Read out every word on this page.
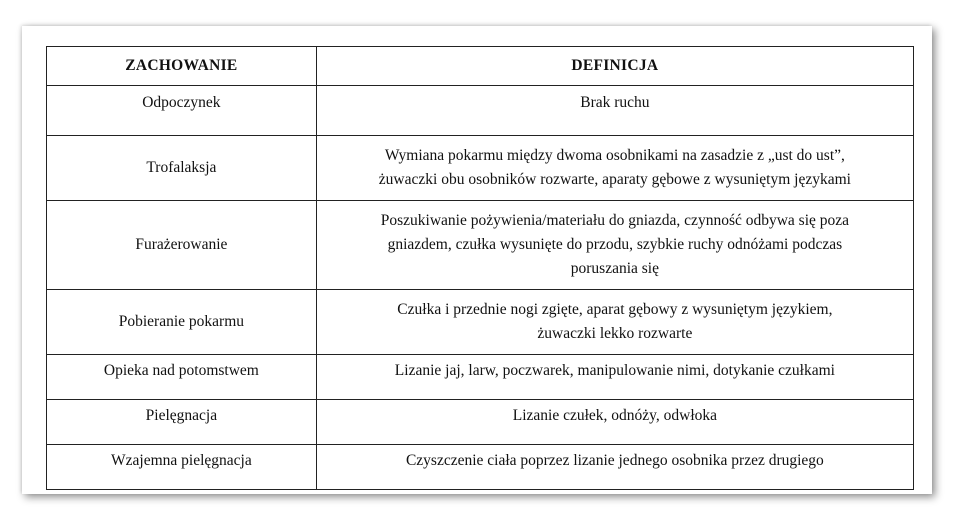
ZACHOWANIE	DEFINICJA
Odpoczynek	Brak ruchu

Trofalaksja	Wymiana pokarmu między dwoma osobnikami na zasadzie z „ust do ust”,
żuwaczki obu osobników rozwarte, aparaty gębowe z wysuniętym językami

Furażerowanie	Poszukiwanie pożywienia/materiału do gniazda, czynność odbywa się poza
gniazdem, czułka wysunięte do przodu, szybkie ruchy odnóżami podczas
poruszania się

Pobieranie pokarmu	Czułka i przednie nogi zgięte, aparat gębowy z wysuniętym językiem,
żuwaczki lekko rozwarte

Opieka nad potomstwem	Lizanie jaj, larw, poczwarek, manipulowanie nimi, dotykanie czułkami

Pielęgnacja	Lizanie czułek, odnóży, odwłoka

Wzajemna pielęgnacja	Czyszczenie ciała poprzez lizanie jednego osobnika przez drugiego
